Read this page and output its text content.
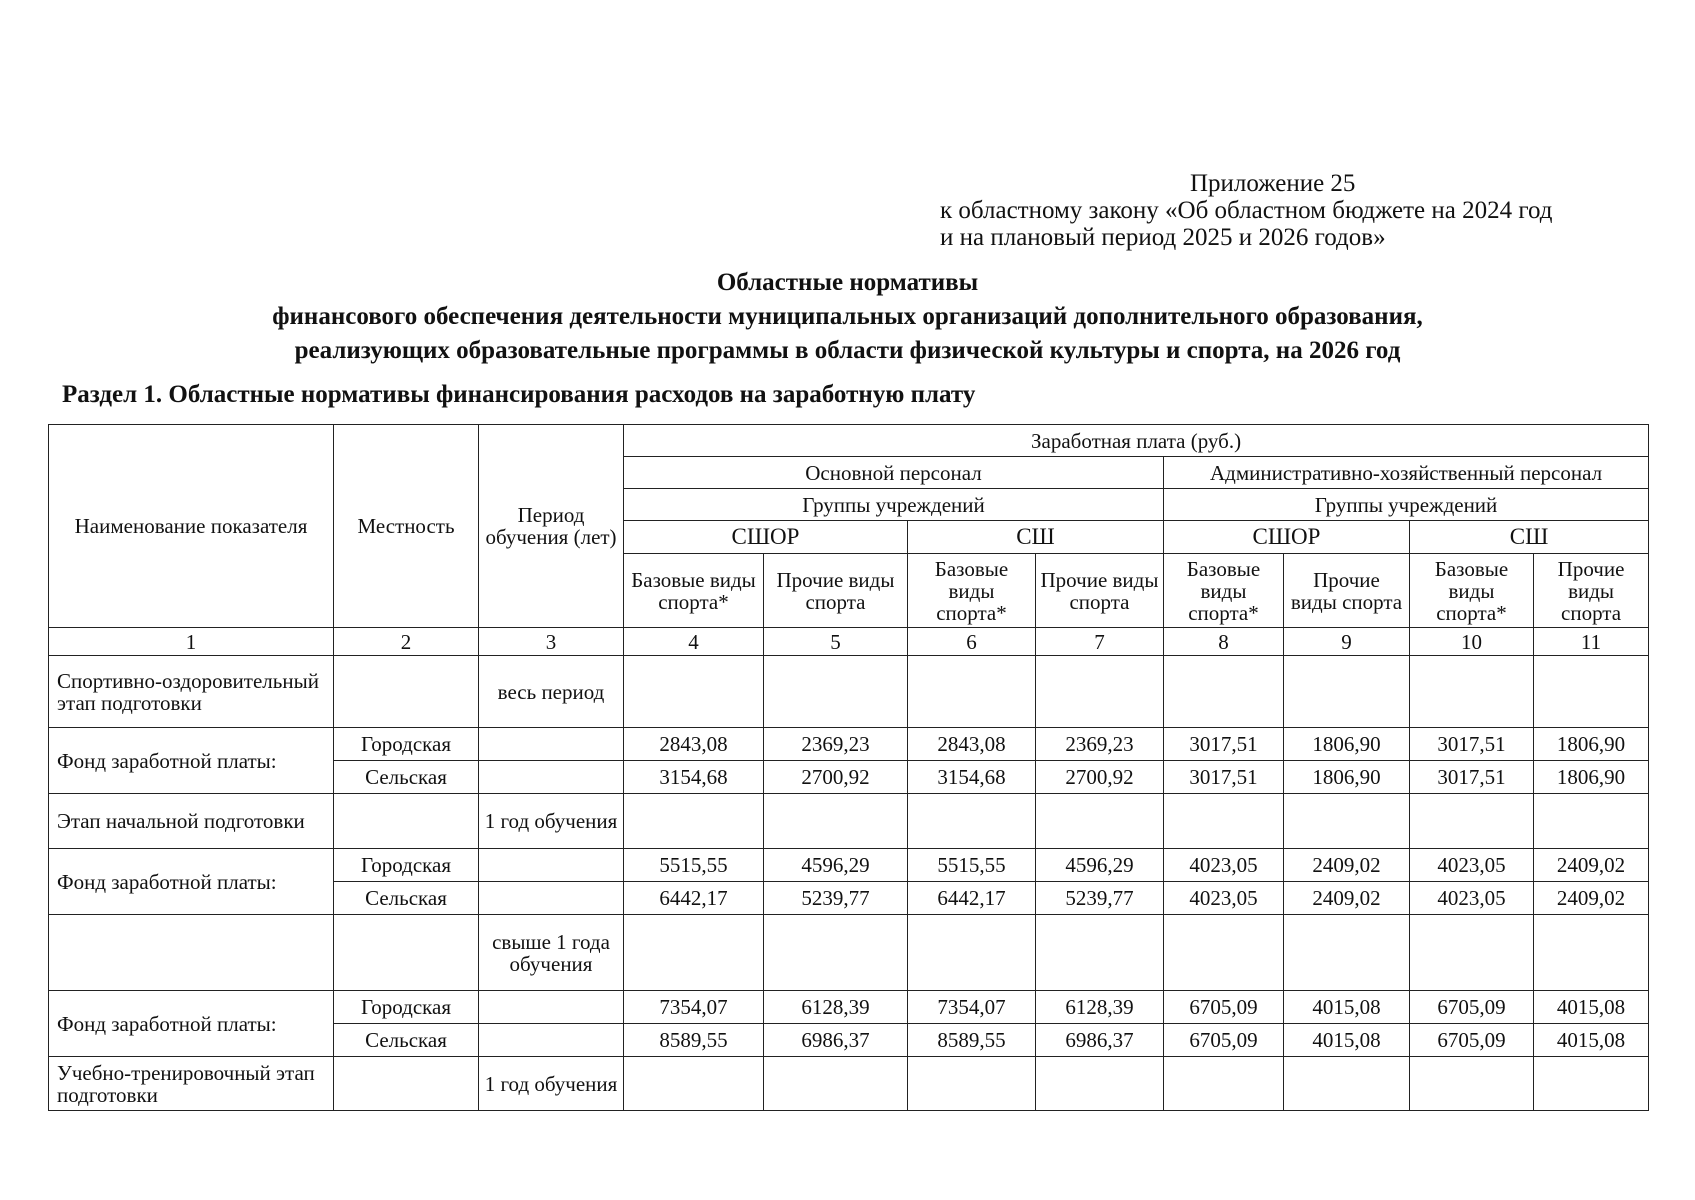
Приложение 25
к областному закону «Об областном бюджете на 2024 год
и на плановый период 2025 и 2026 годов»
Областные нормативы
финансового обеспечения деятельности муниципальных организаций дополнительного образования,
реализующих образовательные программы в области физической культуры и спорта, на 2026 год
Раздел 1. Областные нормативы финансирования расходов на заработную плату
Наименование показателя	Местность	Период обучения (лет)	Заработная плата (руб.)							
			Основной персонал				Административно-хозяйственный персонал			
			Группы учреждений				Группы учреждений			
			СШОР		СШ		СШОР		СШ	
			Базовые виды спорта*	Прочие виды спорта	Базовые виды спорта*	Прочие виды спорта	Базовые виды спорта*	Прочие виды спорта	Базовые виды спорта*	Прочие виды спорта
1	2	3	4	5	6	7	8	9	10	11
Спортивно-оздоровительный этап подготовки		весь период								
Фонд заработной платы:	Городская		2843,08	2369,23	2843,08	2369,23	3017,51	1806,90	3017,51	1806,90
	Сельская		3154,68	2700,92	3154,68	2700,92	3017,51	1806,90	3017,51	1806,90
Этап начальной подготовки		1 год обучения								
Фонд заработной платы:	Городская		5515,55	4596,29	5515,55	4596,29	4023,05	2409,02	4023,05	2409,02
	Сельская		6442,17	5239,77	6442,17	5239,77	4023,05	2409,02	4023,05	2409,02
		свыше 1 года обучения								
Фонд заработной платы:	Городская		7354,07	6128,39	7354,07	6128,39	6705,09	4015,08	6705,09	4015,08
	Сельская		8589,55	6986,37	8589,55	6986,37	6705,09	4015,08	6705,09	4015,08
Учебно-тренировочный этап подготовки		1 год обучения								
